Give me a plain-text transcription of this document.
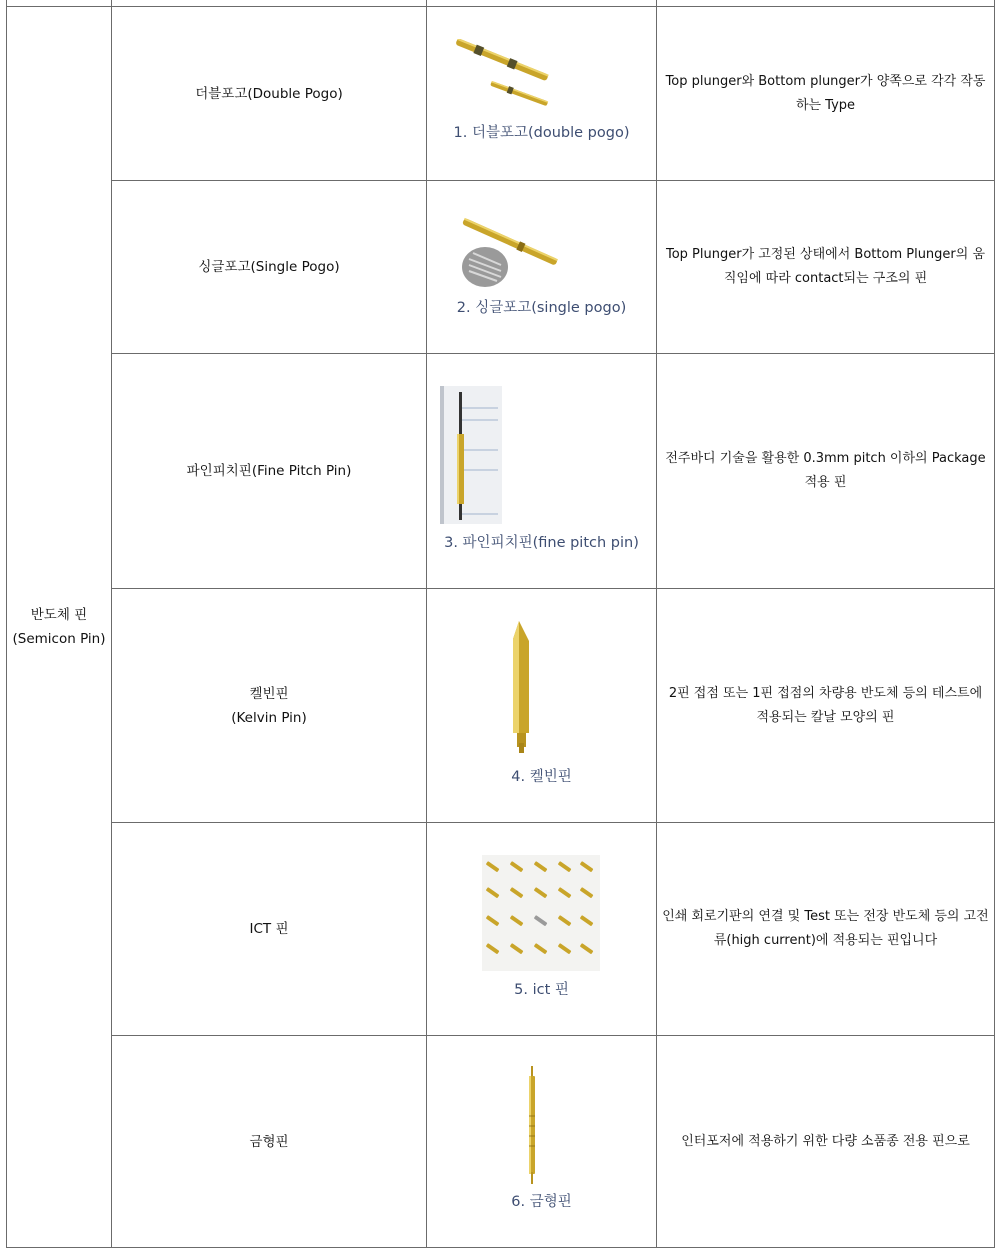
반도체 핀
(Semicon Pin)
더블포고(Double Pogo)
1. 더블포고(double pogo)
Top plunger와 Bottom plunger가 양쪽으로 각각 작동하는 Type
싱글포고(Single Pogo)
2. 싱글포고(single pogo)
Top Plunger가 고정된 상태에서 Bottom Plunger의 움직임에 따라 contact되는 구조의 핀
파인피치핀(Fine Pitch Pin)
3. 파인피치핀(fine pitch pin)
전주바디 기술을 활용한 0.3mm pitch 이하의 Package적용 핀
켈빈핀
(Kelvin Pin)
4. 켈빈핀
2핀 접점 또는 1핀 접점의 차량용 반도체 등의 테스트에 적용되는 칼날 모양의 핀
ICT 핀
5. ict 핀
인쇄 회로기판의 연결 및 Test 또는 전장 반도체 등의 고전류(high current)에 적용되는 핀입니다
금형핀
6. 금형핀
인터포저에 적용하기 위한 다량 소품종 전용 핀으로
